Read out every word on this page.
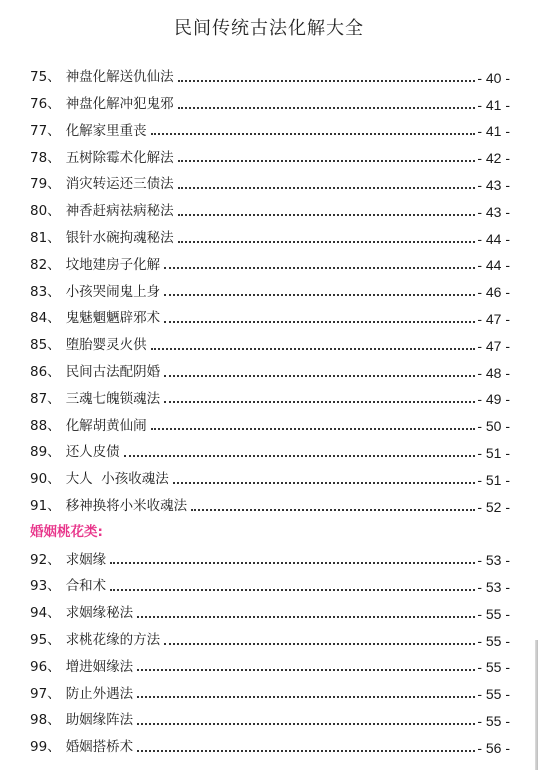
民间传统古法化解大全
75、 神盘化解送仇仙法	- 40 -
76、 神盘化解冲犯鬼邪	- 41 -
77、 化解家里重丧	- 41 -
78、 五树除霉术化解法	- 42 -
79、 消灾转运还三债法	- 43 -
80、 神香赶病祛病秘法	- 43 -
81、 银针水碗拘魂秘法	- 44 -
82、 坟地建房子化解	- 44 -
83、 小孩哭闹鬼上身	- 46 -
84、 鬼魅魍魉辟邪术	- 47 -
85、 堕胎婴灵火供	- 47 -
86、 民间古法配阴婚	- 48 -
87、 三魂七魄锁魂法	- 49 -
88、 化解胡黄仙闹	- 50 -
89、 还人皮债	- 51 -
90、 大人  小孩收魂法	- 51 -
91、 移神换将小米收魂法	- 52 -
婚姻桃花类:
92、 求姻缘	- 53 -
93、 合和术	- 53 -
94、 求姻缘秘法	- 55 -
95、 求桃花缘的方法	- 55 -
96、 增进姻缘法	- 55 -
97、 防止外遇法	- 55 -
98、 助姻缘阵法	- 55 -
99、 婚姻搭桥术	- 56 -
